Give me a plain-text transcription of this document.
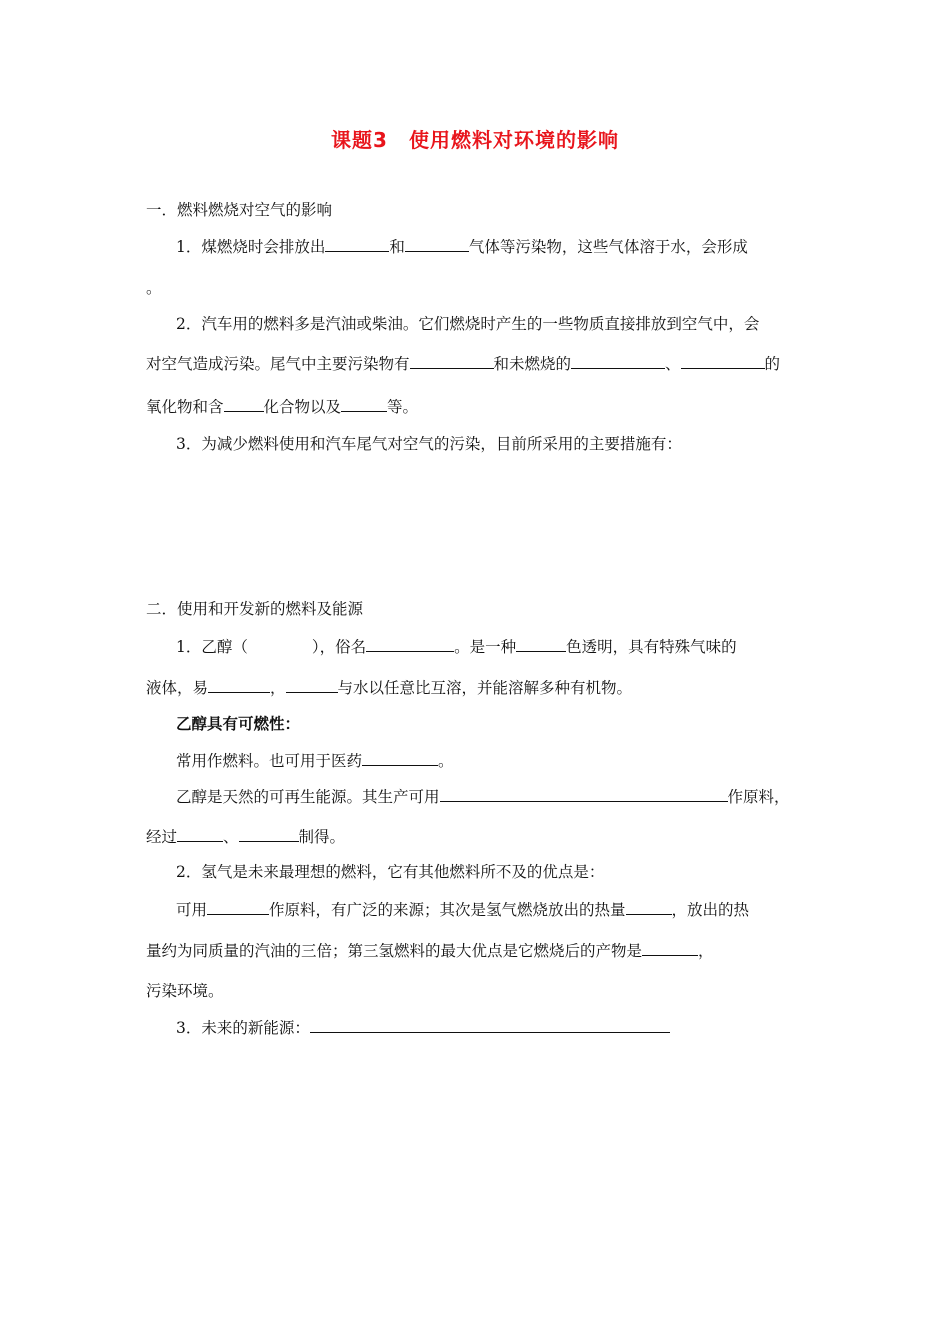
课题3　使用燃料对环境的影响
一．燃料燃烧对空气的影响
1．煤燃烧时会排放出	和	气体等污染物，这些气体溶于水，会形成
。
2．汽车用的燃料多是汽油或柴油。它们燃烧时产生的一些物质直接排放到空气中，会
对空气造成污染。尾气中主要污染物有	和未燃烧的	、	的
氧化物和含	化合物以及	等。
3．为减少燃料使用和汽车尾气对空气的污染，目前所采用的主要措施有：
二．使用和开发新的燃料及能源
1．乙醇（	），俗名	。是一种	色透明，具有特殊气味的
液体，易	，	与水以任意比互溶，并能溶解多种有机物。
乙醇具有可燃性：
常用作燃料。也可用于医药	。
乙醇是天然的可再生能源。其生产可用	作原料，
经过	、	制得。
2．氢气是未来最理想的燃料，它有其他燃料所不及的优点是：
可用	作原料，有广泛的来源；其次是氢气燃烧放出的热量	，放出的热
量约为同质量的汽油的三倍；第三氢燃料的最大优点是它燃烧后的产物是	，
污染环境。
3．未来的新能源：
